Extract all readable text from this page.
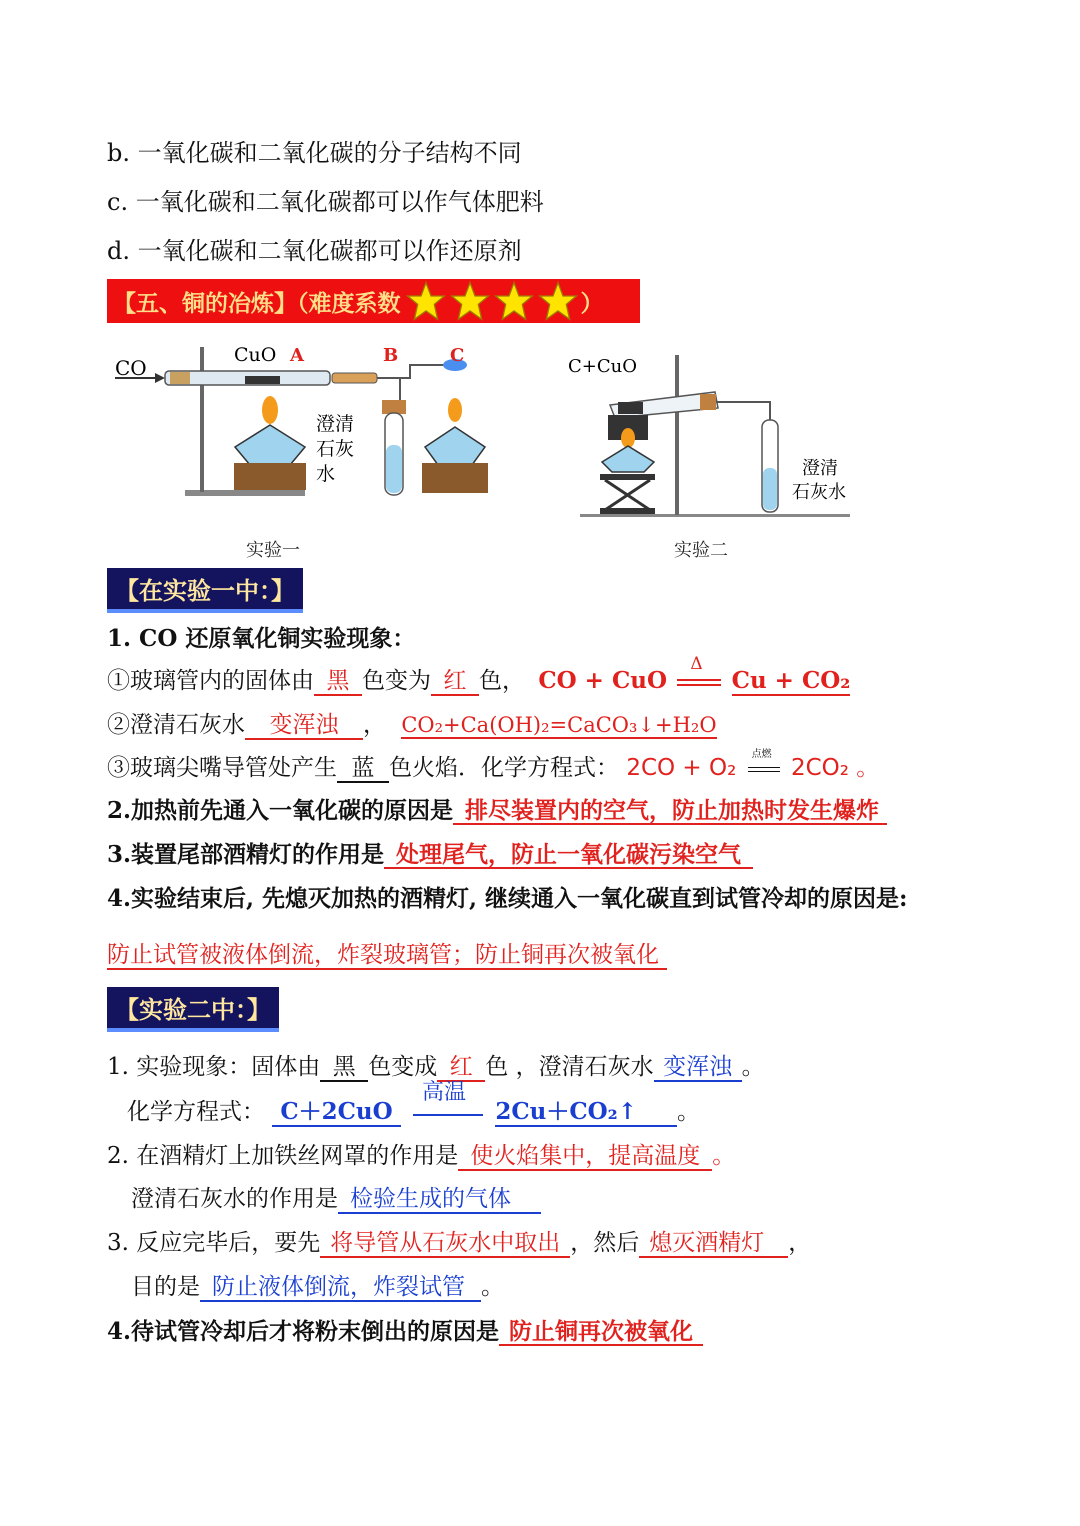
b. 一氧化碳和二氧化碳的分子结构不同
c. 一氧化碳和二氧化碳都可以作气体肥料
d. 一氧化碳和二氧化碳都可以作还原剂
【五、铜的冶炼】（难度系数	）
CO
CuO A	B	C
澄清
石灰
水
实验一
C+CuO
澄清
石灰水
实验二
【在实验一中：】
1. CO 还原氧化铜实验现象：
①玻璃管内的固体由 黑 色变为 红 色， CO + CuO
Δ
Cu + CO₂
②澄清石灰水 变浑浊 ， CO₂+Ca(OH)₂=CaCO₃↓+H₂O
③玻璃尖嘴导管处产生 蓝 色火焰．化学方程式： 2CO + O₂
点燃
2CO₂ 。
2.加热前先通入一氧化碳的原因是 排尽装置内的空气，防止加热时发生爆炸
3.装置尾部酒精灯的作用是 处理尾气，防止一氧化碳污染空气
4.实验结束后, 先熄灭加热的酒精灯, 继续通入一氧化碳直到试管冷却的原因是:
防止试管被液体倒流，炸裂玻璃管；防止铜再次被氧化
【实验二中：】
1. 实验现象：固体由 黑 色变成 红 色 ，澄清石灰水 变浑浊 。
化学方程式： C＋2CuO
高温
2Cu＋CO₂↑ 。
2. 在酒精灯上加铁丝网罩的作用是 使火焰集中，提高温度 。
澄清石灰水的作用是 检验生成的气体
3. 反应完毕后，要先 将导管从石灰水中取出 ，然后 熄灭酒精灯 ，
目的是 防止液体倒流，炸裂试管 。
4.待试管冷却后才将粉末倒出的原因是 防止铜再次被氧化
